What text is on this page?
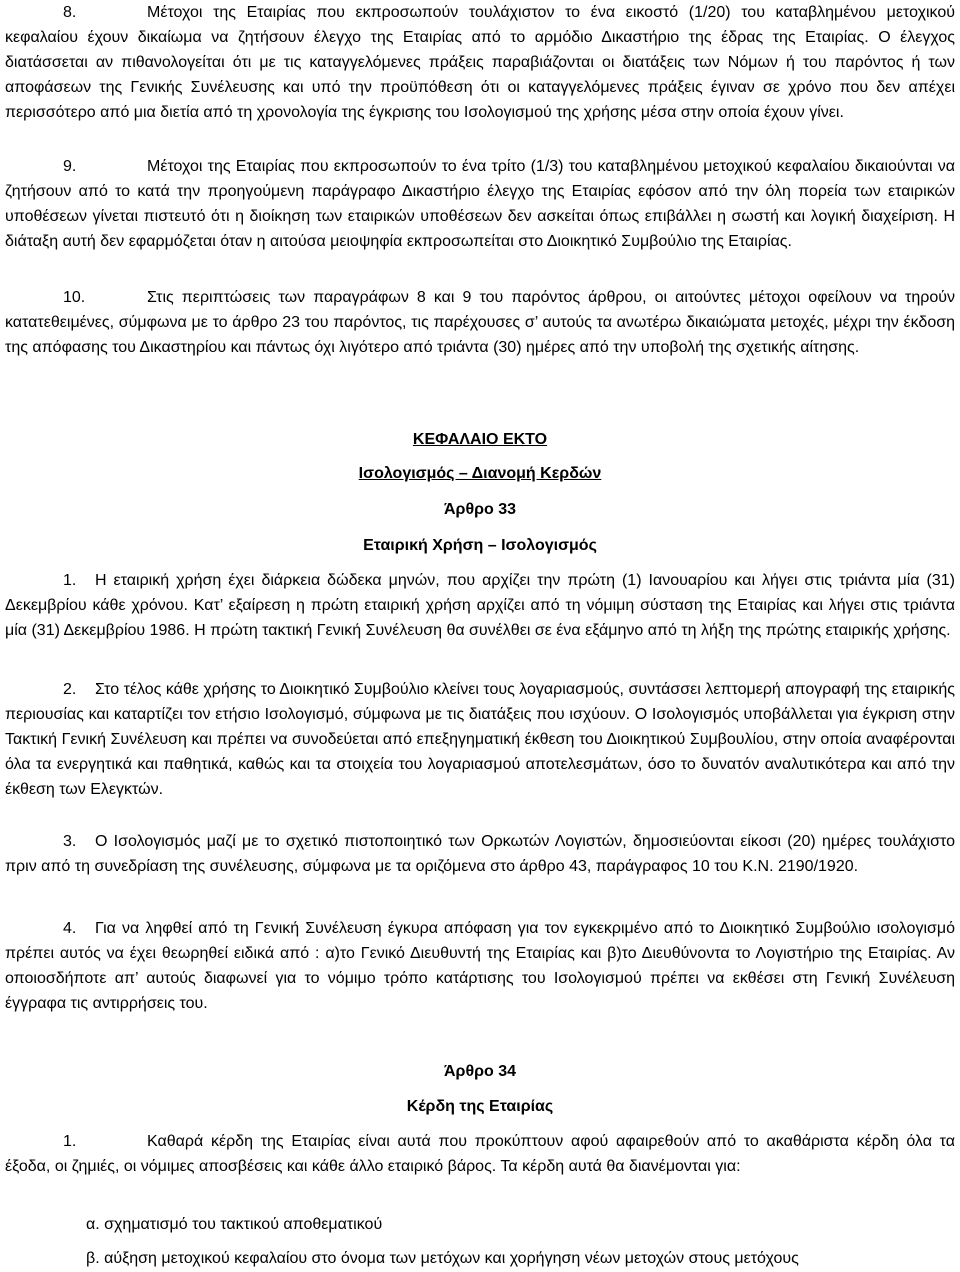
8.	Μέτοχοι της Εταιρίας που εκπροσωπούν τουλάχιστον το ένα εικοστό (1/20) του καταβλημένου μετοχικού κεφαλαίου έχουν δικαίωμα να ζητήσουν έλεγχο της Εταιρίας από το αρμόδιο Δικαστήριο της έδρας της Εταιρίας. Ο έλεγχος διατάσσεται αν πιθανολογείται ότι με τις καταγγελόμενες πράξεις παραβιάζονται οι διατάξεις των Νόμων ή του παρόντος ή των αποφάσεων της Γενικής Συνέλευσης και υπό την προϋπόθεση ότι οι καταγγελόμενες πράξεις έγιναν σε χρόνο που δεν απέχει περισσότερο από μια διετία από τη χρονολογία της έγκρισης του Ισολογισμού της χρήσης μέσα στην οποία έχουν γίνει.

9.	Μέτοχοι της Εταιρίας που εκπροσωπούν το ένα τρίτο (1/3) του καταβλημένου μετοχικού κεφαλαίου δικαιούνται να ζητήσουν από το κατά την προηγούμενη παράγραφο Δικαστήριο έλεγχο της Εταιρίας εφόσον από την όλη πορεία των εταιρικών υποθέσεων γίνεται πιστευτό ότι η διοίκηση των εταιρικών υποθέσεων δεν ασκείται όπως επιβάλλει η σωστή και λογική διαχείριση. Η διάταξη αυτή δεν εφαρμόζεται όταν η αιτούσα μειοψηφία εκπροσωπείται στο Διοικητικό Συμβούλιο της Εταιρίας.

10.	Στις περιπτώσεις των παραγράφων 8 και 9 του παρόντος άρθρου, οι αιτούντες μέτοχοι οφείλουν να τηρούν κατατεθειμένες, σύμφωνα με το άρθρο 23 του παρόντος, τις παρέχουσες σ’ αυτούς τα ανωτέρω δικαιώματα μετοχές, μέχρι την έκδοση της απόφασης του Δικαστηρίου και πάντως όχι λιγότερο από τριάντα (30) ημέρες από την υποβολή της σχετικής αίτησης.

ΚΕΦΑΛΑΙΟ ΕΚΤΟ

Ισολογισμός – Διανομή Κερδών

Άρθρο 33

Εταιρική Χρήση – Ισολογισμός

1. Η εταιρική χρήση έχει διάρκεια δώδεκα μηνών, που αρχίζει την πρώτη (1) Ιανουαρίου και λήγει στις τριάντα μία (31) Δεκεμβρίου κάθε χρόνου. Κατ’ εξαίρεση η πρώτη εταιρική χρήση αρχίζει από τη νόμιμη σύσταση της Εταιρίας και λήγει στις τριάντα μία (31) Δεκεμβρίου 1986. Η πρώτη τακτική Γενική Συνέλευση θα συνέλθει σε ένα εξάμηνο από τη λήξη της πρώτης εταιρικής χρήσης.

2. Στο τέλος κάθε χρήσης το Διοικητικό Συμβούλιο κλείνει τους λογαριασμούς, συντάσσει λεπτομερή απογραφή της εταιρικής περιουσίας και καταρτίζει τον ετήσιο Ισολογισμό, σύμφωνα με τις διατάξεις που ισχύουν. Ο Ισολογισμός υποβάλλεται για έγκριση στην Τακτική Γενική Συνέλευση και πρέπει να συνοδεύεται από επεξηγηματική έκθεση του Διοικητικού Συμβουλίου, στην οποία αναφέρονται όλα τα ενεργητικά και παθητικά, καθώς και τα στοιχεία του λογαριασμού αποτελεσμάτων, όσο το δυνατόν αναλυτικότερα και από την έκθεση των Ελεγκτών.

3. Ο Ισολογισμός μαζί με το σχετικό πιστοποιητικό των Ορκωτών Λογιστών, δημοσιεύονται είκοσι (20) ημέρες τουλάχιστο πριν από τη συνεδρίαση της συνέλευσης, σύμφωνα με τα οριζόμενα στο άρθρο 43, παράγραφος 10 του Κ.Ν. 2190/1920.

4. Για να ληφθεί από τη Γενική Συνέλευση έγκυρα απόφαση για τον εγκεκριμένο από το Διοικητικό Συμβούλιο ισολογισμό πρέπει αυτός να έχει θεωρηθεί ειδικά από : α)το Γενικό Διευθυντή της Εταιρίας και β)το Διευθύνοντα το Λογιστήριο της Εταιρίας. Αν οποιοσδήποτε απ’ αυτούς διαφωνεί για το νόμιμο τρόπο κατάρτισης του Ισολογισμού πρέπει να εκθέσει στη Γενική Συνέλευση έγγραφα τις αντιρρήσεις του.

Άρθρο 34

Κέρδη της Εταιρίας

1.	Καθαρά κέρδη της Εταιρίας είναι αυτά που προκύπτουν αφού αφαιρεθούν από το ακαθάριστα κέρδη όλα τα έξοδα, οι ζημιές, οι νόμιμες αποσβέσεις και κάθε άλλο εταιρικό βάρος. Τα κέρδη αυτά θα διανέμονται για:

α. σχηματισμό του τακτικού αποθεματικού

β. αύξηση μετοχικού κεφαλαίου στο όνομα των μετόχων και χορήγηση νέων μετοχών στους μετόχους
